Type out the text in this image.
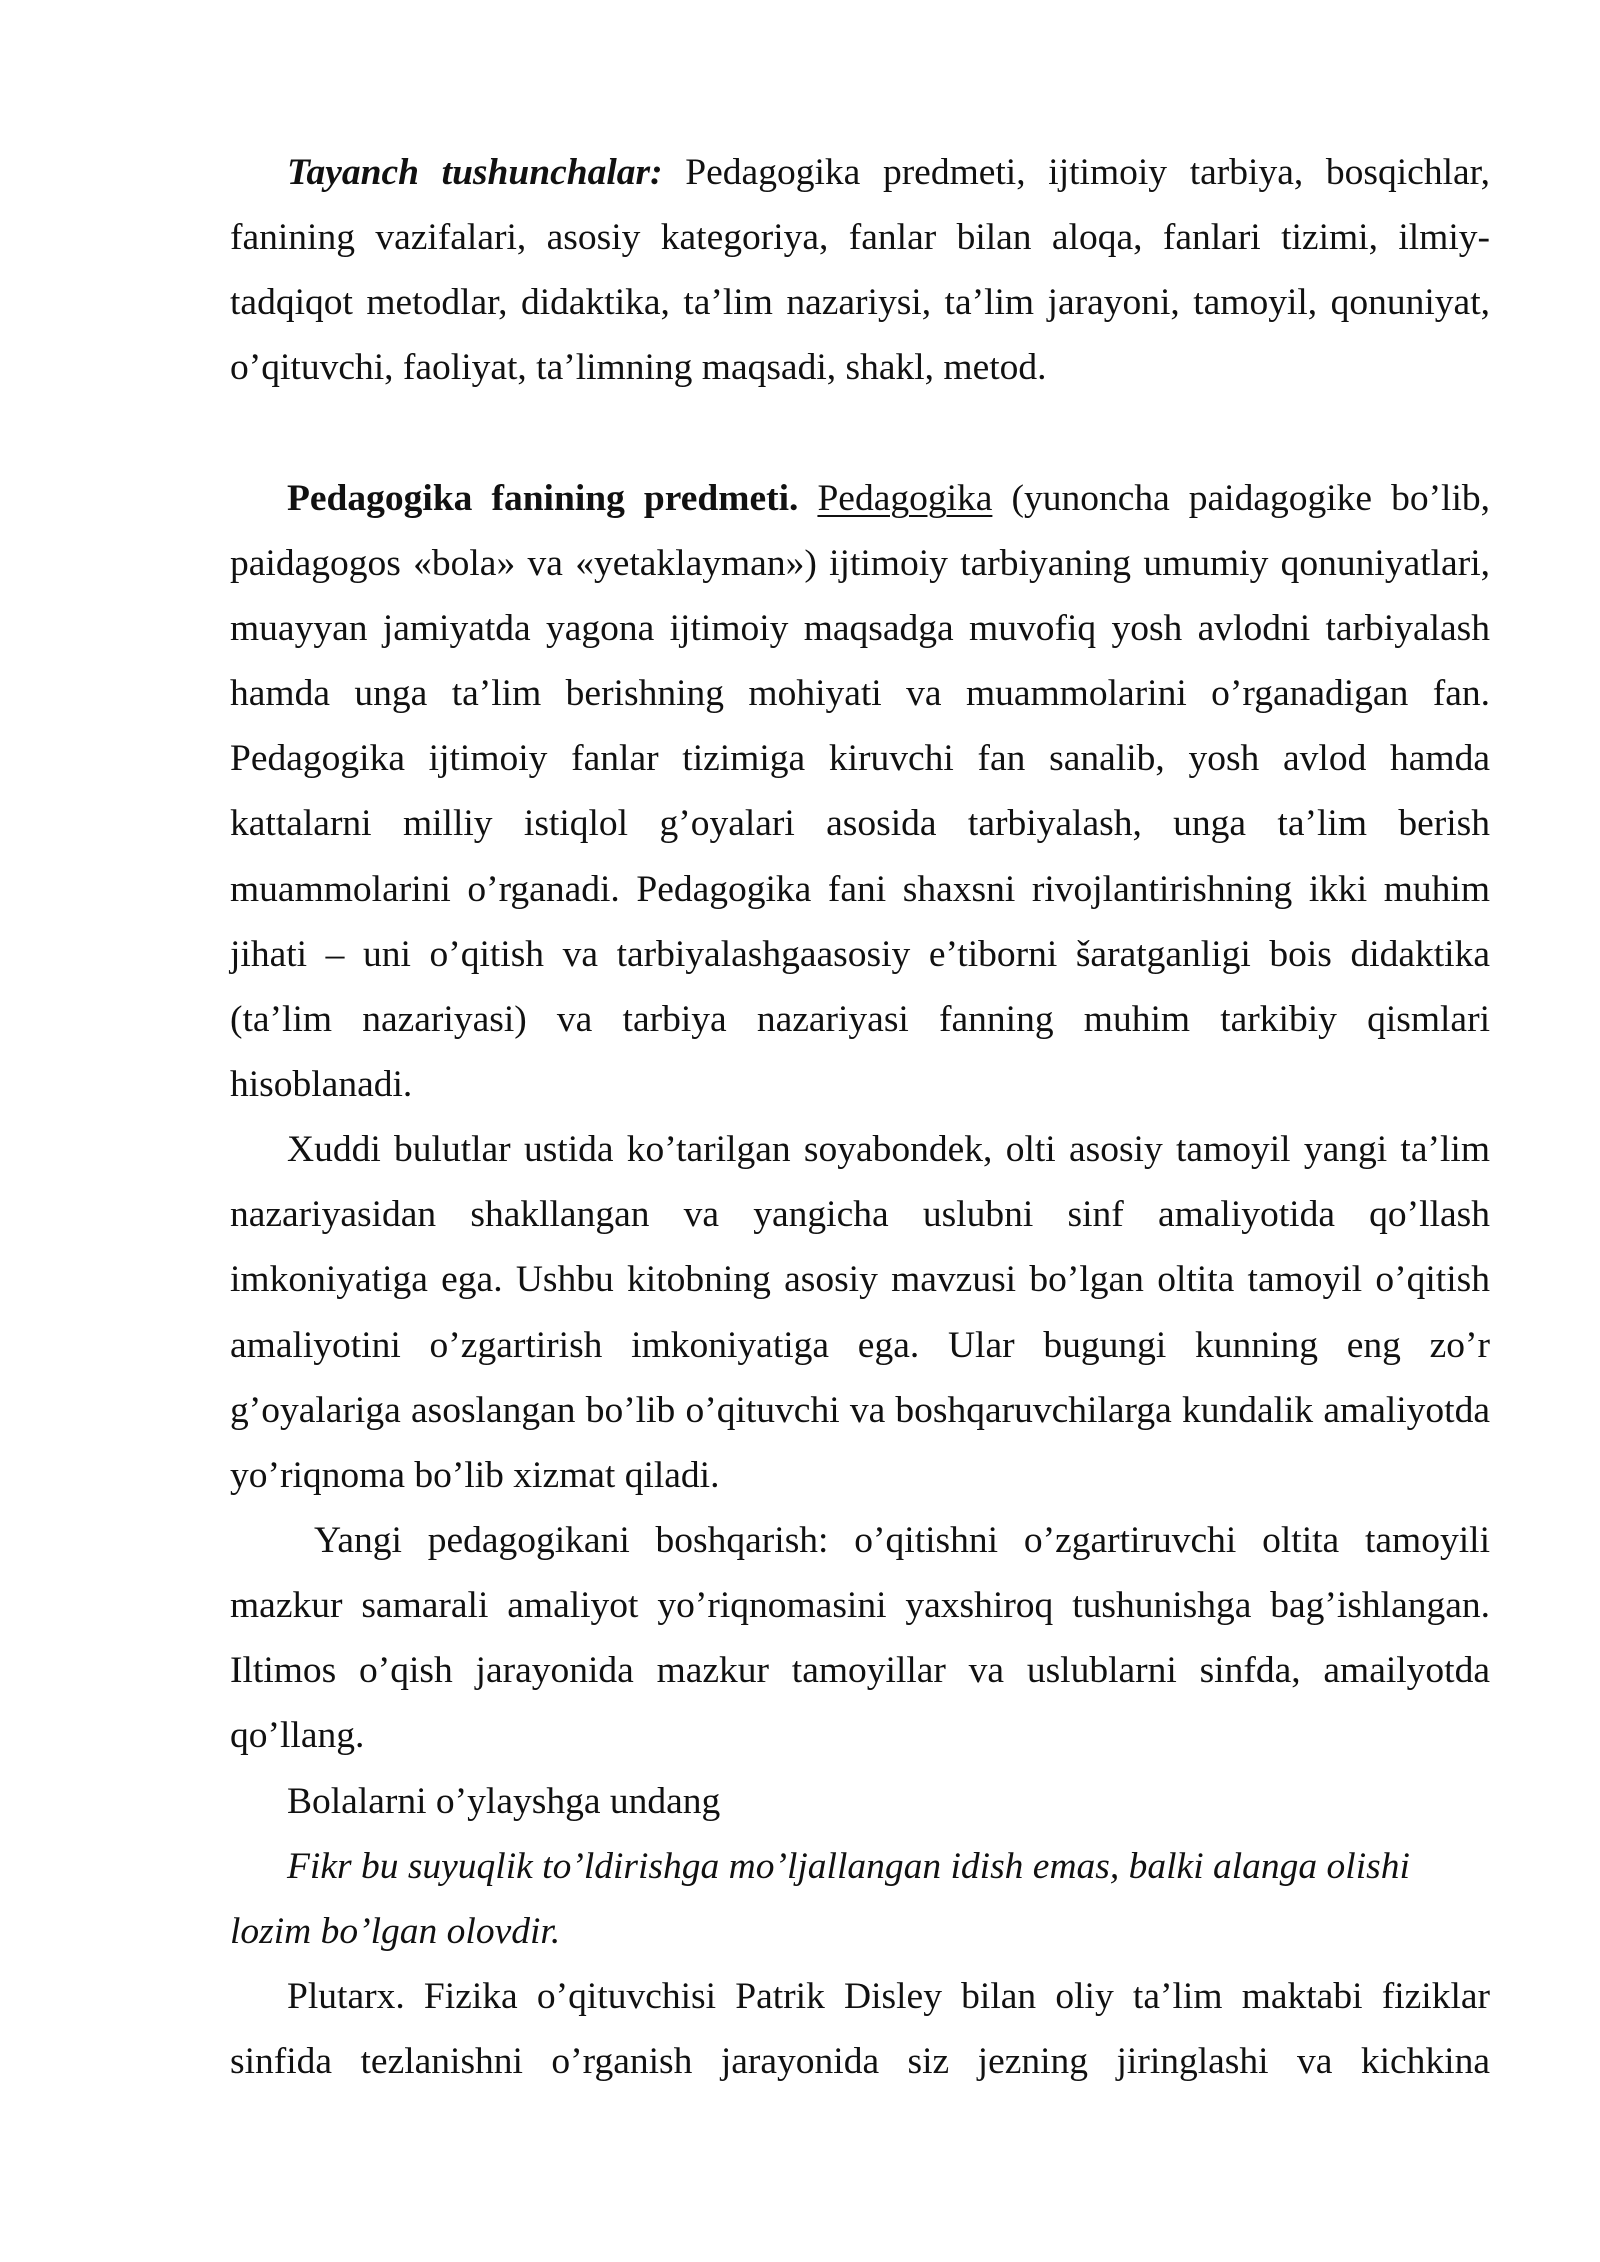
Tayanch tushunchalar: Pedagogika predmeti, ijtimoiy tarbiya, bosqichlar,
fanining vazifalari, asosiy kategoriya, fanlar bilan aloqa, fanlari tizimi, ilmiy-
tadqiqot metodlar, didaktika, ta’lim nazariysi, ta’lim jarayoni, tamoyil, qonuniyat,
o’qituvchi, faoliyat, ta’limning maqsadi, shakl, metod.
Pedagogika fanining predmeti. Pedagogika (yunoncha paidagogike bo’lib,
paidagogos «bola» va «yetaklayman») ijtimoiy tarbiyaning umumiy qonuniyatlari,
muayyan jamiyatda yagona ijtimoiy maqsadga muvofiq yosh avlodni tarbiyalash
hamda unga ta’lim berishning mohiyati va muammolarini o’rganadigan fan.
Pedagogika ijtimoiy fanlar tizimiga kiruvchi fan sanalib, yosh avlod hamda
kattalarni milliy istiqlol g’oyalari asosida tarbiyalash, unga ta’lim berish
muammolarini o’rganadi. Pedagogika fani shaxsni rivojlantirishning ikki muhim
jihati – uni o’qitish va tarbiyalashgaasosiy e’tiborni šaratganligi bois didaktika
(ta’lim nazariyasi) va tarbiya nazariyasi fanning muhim tarkibiy qismlari
hisoblanadi.
Xuddi bulutlar ustida ko’tarilgan soyabondek, olti asosiy tamoyil yangi ta’lim
nazariyasidan shakllangan va yangicha uslubni sinf amaliyotida qo’llash
imkoniyatiga ega. Ushbu kitobning asosiy mavzusi bo’lgan oltita tamoyil o’qitish
amaliyotini o’zgartirish imkoniyatiga ega. Ular bugungi kunning eng zo’r
g’oyalariga asoslangan bo’lib o’qituvchi va boshqaruvchilarga kundalik amaliyotda
yo’riqnoma bo’lib xizmat qiladi.
Yangi pedagogikani boshqarish: o’qitishni o’zgartiruvchi oltita tamoyili
mazkur samarali amaliyot yo’riqnomasini yaxshiroq tushunishga bag’ishlangan.
Iltimos o’qish jarayonida mazkur tamoyillar va uslublarni sinfda, amailyotda
qo’llang.
Bolalarni o’ylayshga undang
Fikr bu suyuqlik to’ldirishga mo’ljallangan idish emas, balki alanga olishi
lozim bo’lgan olovdir.
Plutarx. Fizika o’qituvchisi Patrik Disley bilan oliy ta’lim maktabi fiziklar
sinfida tezlanishni o’rganish jarayonida siz jezning jiringlashi va kichkina
